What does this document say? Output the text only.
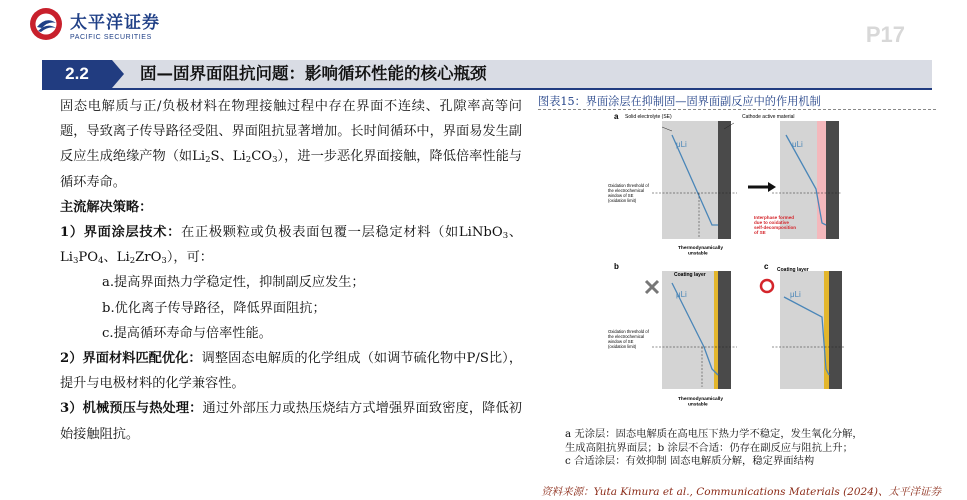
太平洋证券
PACIFIC SECURITIES	P17
2.2	固—固界面阻抗问题：影响循环性能的核心瓶颈

固态电解质与正/负极材料在物理接触过程中存在界面不连续、孔隙率高等问题，导致离子传导路径受阻、界面阻抗显著增加。长时间循环中，界面易发生副反应生成绝缘产物（如$Li_2S$、$Li_2CO_3$），进一步恶化界面接触，降低倍率性能与循环寿命。

主流解决策略：

1）界面涂层技术：在正极颗粒或负极表面包覆一层稳定材料（如LiNbO$_3$、$Li_3PO_4$、$Li_2ZrO_3$），可：

a.提高界面热力学稳定性，抑制副反应发生；

b.优化离子传导路径，降低界面阻抗；

c.提高循环寿命与倍率性能。

2）界面材料匹配优化：调整固态电解质的化学组成（如调节硫化物中P/S比），提升与电极材料的化学兼容性。

3）机械预压与热处理：通过外部压力或热压烧结方式增强界面致密度，降低初始接触阻抗。

图表15：界面涂层在抑制固—固界面副反应中的作用机制
a Solid electrolyte (SE)	Cathode active material
μLi
Oxidation threshold of the electrochemical window of SE (oxidation limit)
Thermodynamically unstable
μLi
Interphase formed due to oxidative self-decomposition of SE
b
Coating layer
μLi
Oxidation threshold of the electrochemical window of SE (oxidation limit)
Thermodynamically unstable
c Coating layer
μLi
a 无涂层：固态电解质在高电压下热力学不稳定，发生氧化分解，
生成高阻抗界面层；b 涂层不合适：仍存在副反应与阻抗上升；
c 合适涂层：有效抑制 固态电解质分解，稳定界面结构
资料来源：Yuta Kimura et al., Communications Materials (2024)、太平洋证券
